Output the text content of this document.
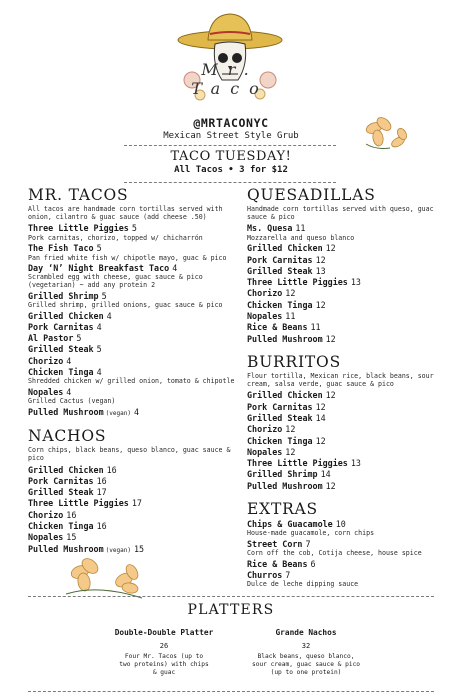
Mr. Taco
@MRTACONYC
Mexican Street Style Grub
TACO TUESDAY!
All Tacos • 3 for $12
MR. TACOS
All tacos are handmade corn tortillas served with onion, cilantro & guac sauce (add cheese .50)
Three Little Piggies 5
Pork carnitas, chorizo, topped w/ chicharrón
The Fish Taco 5
Pan fried white fish w/ chipotle mayo, guac & pico
Day ‘N’ Night Breakfast Taco 4
Scrambled egg with cheese, guac sauce & pico (vegetarian) ~ add any protein 2
Grilled Shrimp 5
Grilled shrimp, grilled onions, guac sauce & pico
Grilled Chicken 4
Pork Carnitas 4
Al Pastor 5
Grilled Steak 5
Chorizo 4
Chicken Tinga 4
Shredded chicken w/ grilled onion, tomato & chipotle
Nopales 4
Grilled Cactus (vegan)
Pulled Mushroom (vegan) 4
NACHOS
Corn chips, black beans, queso blanco, guac sauce & pico
Grilled Chicken 16
Pork Carnitas 16
Grilled Steak 17
Three Little Piggies 17
Chorizo 16
Chicken Tinga 16
Nopales 15
Pulled Mushroom (vegan) 15
QUESADILLAS
Handmade corn tortillas served with queso, guac sauce & pico
Ms. Quesa 11
Mozzarella and queso blanco
Grilled Chicken 12
Pork Carnitas 12
Grilled Steak 13
Three Little Piggies 13
Chorizo 12
Chicken Tinga 12
Nopales 11
Rice & Beans 11
Pulled Mushroom 12
BURRITOS
Flour tortilla, Mexican rice, black beans, sour cream, salsa verde, guac sauce & pico
Grilled Chicken 12
Pork Carnitas 12
Grilled Steak 14
Chorizo 12
Chicken Tinga 12
Nopales 12
Three Little Piggies 13
Grilled Shrimp 14
Pulled Mushroom 12
EXTRAS
Chips & Guacamole 10
House-made guacamole, corn chips
Street Corn 7
Corn off the cob, Cotija cheese, house spice
Rice & Beans 6
Churros 7
Dulce de leche dipping sauce
PLATTERS
Double-Double Platter
26
Four Mr. Tacos (up to two proteins) with chips & guac
Grande Nachos
32
Black beans, queso blanco, sour cream, guac sauce & pico (up to one protein)
